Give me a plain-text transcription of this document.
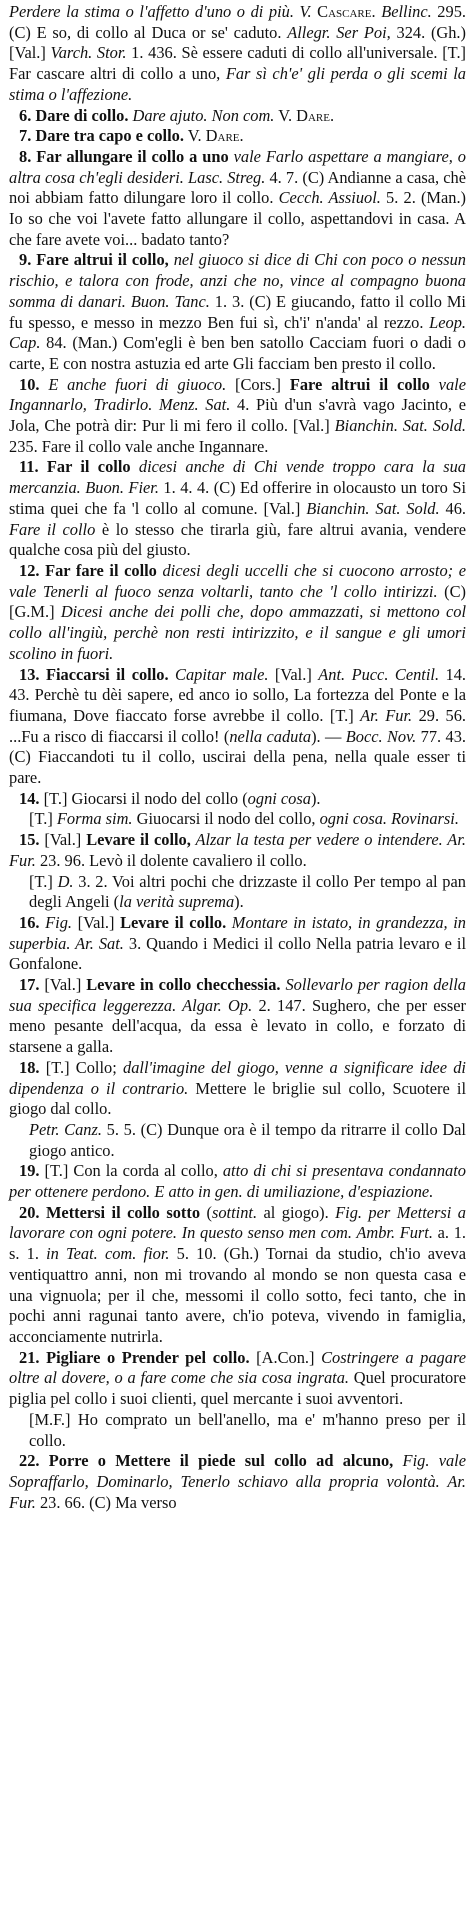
Perdere la stima o l'affetto d'uno o di più. V. Cascare. Bellinc. 295. (C) E so, di collo al Duca or se' caduto. Allegr. Ser Poi, 324. (Gh.) [Val.] Varch. Stor. 1. 436. Sè essere caduti di collo all'universale. [T.] Far cascare altri di collo a uno, Far sì ch'e' gli perda o gli scemi la stima o l'affezione.

6. Dare di collo. Dare ajuto. Non com. V. Dare.

7. Dare tra capo e collo. V. Dare.

8. Far allungare il collo a uno vale Farlo aspettare a mangiare, o altra cosa ch'egli desideri. Lasc. Streg. 4. 7. (C) Andianne a casa, chè noi abbiam fatto dilungare loro il collo. Cecch. Assiuol. 5. 2. (Man.) Io so che voi l'avete fatto allungare il collo, aspettandovi in casa. A che fare avete voi... badato tanto?

9. Fare altrui il collo, nel giuoco si dice di Chi con poco o nessun rischio, e talora con frode, anzi che no, vince al compagno buona somma di danari. Buon. Tanc. 1. 3. (C) E giucando, fatto il collo Mi fu spesso, e messo in mezzo Ben fui sì, ch'i' n'anda' al rezzo. Leop. Cap. 84. (Man.) Com'egli è ben ben satollo Cacciam fuori o dadi o carte, E con nostra astuzia ed arte Gli facciam ben presto il collo.

10. E anche fuori di giuoco. [Cors.] Fare altrui il collo vale Ingannarlo, Tradirlo. Menz. Sat. 4. Più d'un s'avrà vago Jacinto, e Jola, Che potrà dir: Pur li mi fero il collo. [Val.] Bianchin. Sat. Sold. 235. Fare il collo vale anche Ingannare.

11. Far il collo dicesi anche di Chi vende troppo cara la sua mercanzia. Buon. Fier. 1. 4. 4. (C) Ed offerire in olocausto un toro Si stima quei che fa 'l collo al comune. [Val.] Bianchin. Sat. Sold. 46. Fare il collo è lo stesso che tirarla giù, fare altrui avania, vendere qualche cosa più del giusto.

12. Far fare il collo dicesi degli uccelli che si cuocono arrosto; e vale Tenerli al fuoco senza voltarli, tanto che 'l collo intirizzi. (C) [G.M.] Dicesi anche dei polli che, dopo ammazzati, si mettono col collo all'ingiù, perchè non resti intirizzito, e il sangue e gli umori scolino in fuori.

13. Fiaccarsi il collo. Capitar male. [Val.] Ant. Pucc. Centil. 14. 43. Perchè tu dèi sapere, ed anco io sollo, La fortezza del Ponte e la fiumana, Dove fiaccato forse avrebbe il collo. [T.] Ar. Fur. 29. 56. ...Fu a risco di fiaccarsi il collo! (nella caduta). — Bocc. Nov. 77. 43. (C) Fiaccandoti tu il collo, uscirai della pena, nella quale esser ti pare.

14. [T.] Giocarsi il nodo del collo (ogni cosa).

[T.] Forma sim. Giuocarsi il nodo del collo, ogni cosa. Rovinarsi.

15. [Val.] Levare il collo, Alzar la testa per vedere o intendere. Ar. Fur. 23. 96. Levò il dolente cavaliero il collo.

[T.] D. 3. 2. Voi altri pochi che drizzaste il collo Per tempo al pan degli Angeli (la verità suprema).

16. Fig. [Val.] Levare il collo. Montare in istato, in grandezza, in superbia. Ar. Sat. 3. Quando i Medici il collo Nella patria levaro e il Gonfalone.

17. [Val.] Levare in collo checchessia. Sollevarlo per ragion della sua specifica leggerezza. Algar. Op. 2. 147. Sughero, che per esser meno pesante dell'acqua, da essa è levato in collo, e forzato di starsene a galla.

18. [T.] Collo; dall'imagine del giogo, venne a significare idee di dipendenza o il contrario. Mettere le briglie sul collo, Scuotere il giogo dal collo.

Petr. Canz. 5. 5. (C) Dunque ora è il tempo da ritrarre il collo Dal giogo antico.

19. [T.] Con la corda al collo, atto di chi si presentava condannato per ottenere perdono. E atto in gen. di umiliazione, d'espiazione.

20. Mettersi il collo sotto (sottint. al giogo). Fig. per Mettersi a lavorare con ogni potere. In questo senso men com. Ambr. Furt. a. 1. s. 1. in Teat. com. fior. 5. 10. (Gh.) Tornai da studio, ch'io aveva ventiquattro anni, non mi trovando al mondo se non questa casa e una vignuola; per il che, messomi il collo sotto, feci tanto, che in pochi anni ragunai tanto avere, ch'io poteva, vivendo in famiglia, acconciamente nutrirla.

21. Pigliare o Prender pel collo. [A.Con.] Costringere a pagare oltre al dovere, o a fare come che sia cosa ingrata. Quel procuratore piglia pel collo i suoi clienti, quel mercante i suoi avventori.

[M.F.] Ho comprato un bell'anello, ma e' m'hanno preso per il collo.

22. Porre o Mettere il piede sul collo ad alcuno, Fig. vale Sopraffarlo, Dominarlo, Tenerlo schiavo alla propria volontà. Ar. Fur. 23. 66. (C) Ma verso
